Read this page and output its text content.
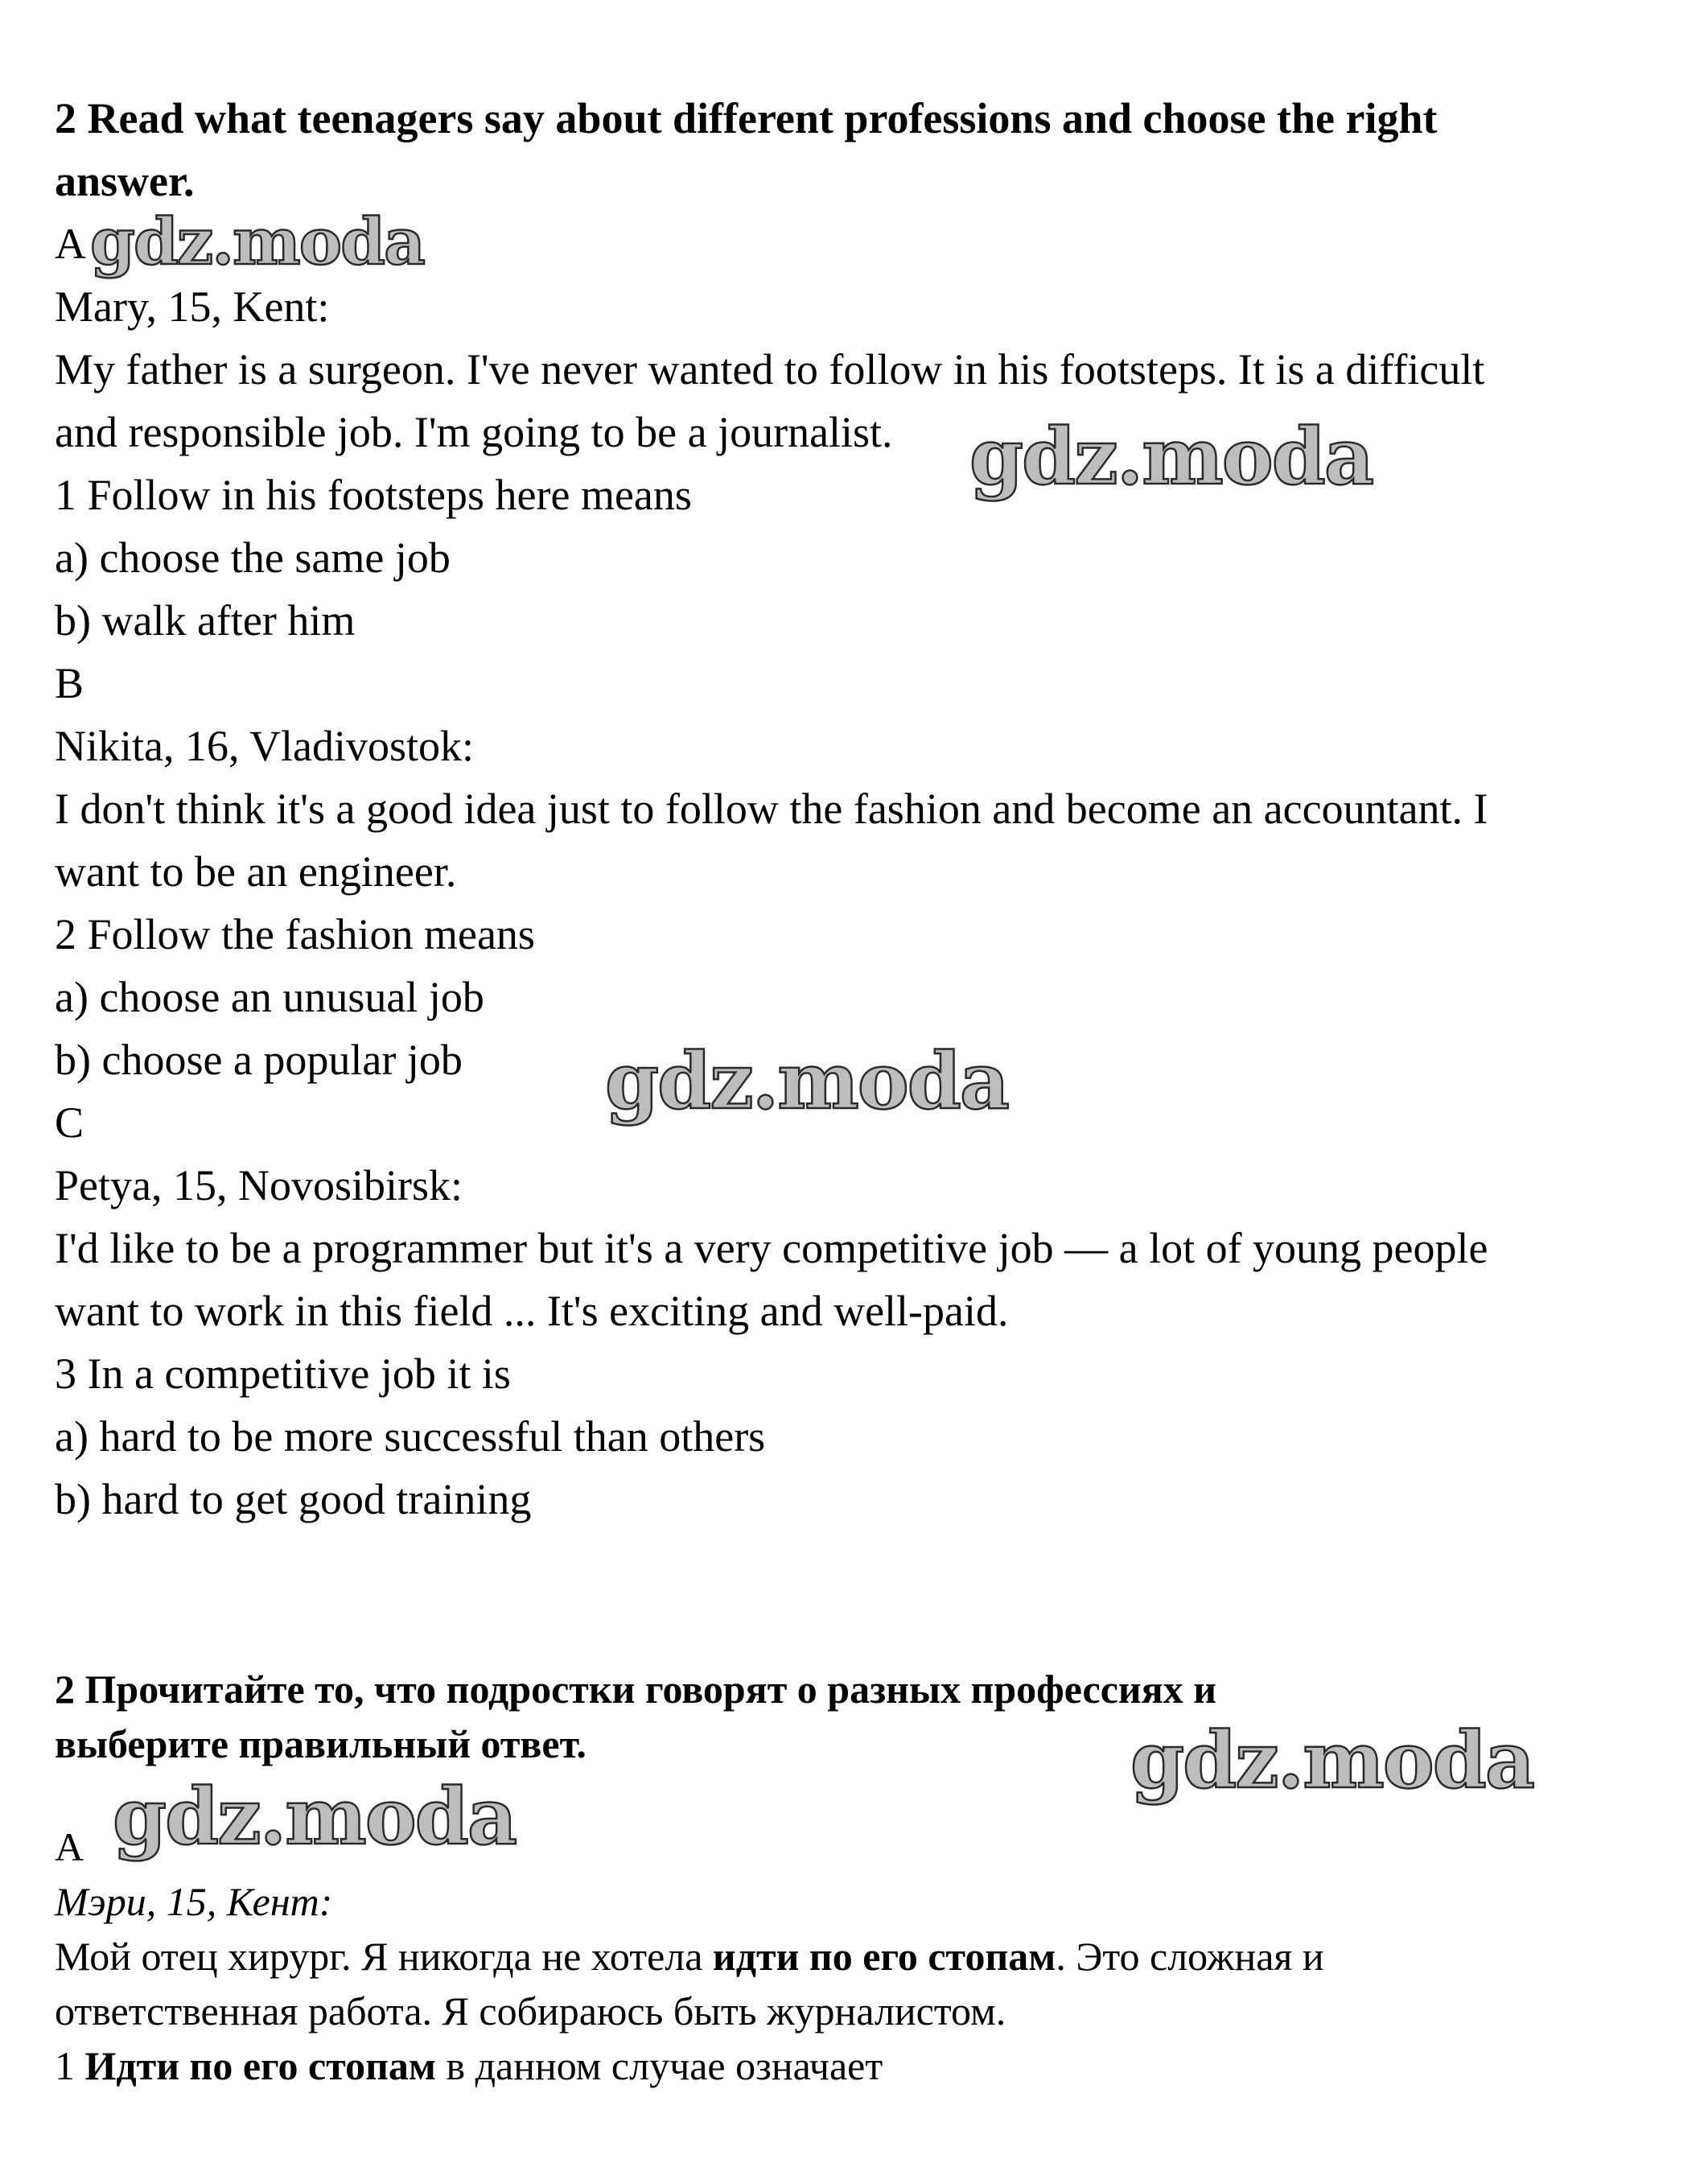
2 Read what teenagers say about different professions and choose the right

answer.

A

Mary, 15, Kent:

My father is a surgeon. I've never wanted to follow in his footsteps. It is a difficult

and responsible job. I'm going to be a journalist.

1 Follow in his footsteps here means

a) choose the same job

b) walk after him

B

Nikita, 16, Vladivostok:

I don't think it's a good idea just to follow the fashion and become an accountant. I

want to be an engineer.

2 Follow the fashion means

a) choose an unusual job

b) choose a popular job

C

Petya, 15, Novosibirsk:

I'd like to be a programmer but it's a very competitive job — a lot of young people

want to work in this field ... It's exciting and well-paid.

3 In a competitive job it is

a) hard to be more successful than others

b) hard to get good training

2 Прочитайте то, что подростки говорят о разных профессиях и

выберите правильный ответ.

A

Мэри, 15, Кент:

Мой отец хирург. Я никогда не хотела идти по его стопам. Это сложная и

ответственная работа. Я собираюсь быть журналистом.

1 Идти по его стопам в данном случае означает

gdz.moda
gdz.moda
gdz.moda
gdz.moda
gdz.moda
